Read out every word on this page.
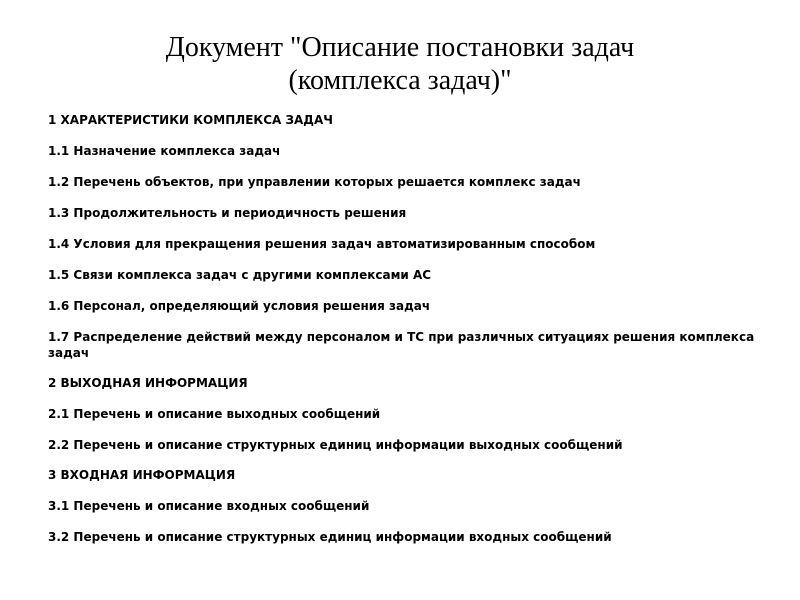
Документ "Описание постановки задач
(комплекса задач)"
1 ХАРАКТЕРИСТИКИ КОМПЛЕКСА ЗАДАЧ
1.1 Назначение комплекса задач
1.2 Перечень объектов, при управлении которых решается комплекс задач
1.3 Продолжительность и периодичность решения
1.4 Условия для прекращения решения задач автоматизированным способом
1.5 Связи комплекса задач с другими комплексами АС
1.6 Персонал, определяющий условия решения задач
1.7 Распределение действий между персоналом и ТС при различных ситуациях решения комплекса задач
2 ВЫХОДНАЯ ИНФОРМАЦИЯ
2.1 Перечень и описание выходных сообщений
2.2 Перечень и описание структурных единиц информации выходных сообщений
3 ВХОДНАЯ ИНФОРМАЦИЯ
3.1 Перечень и описание входных сообщений
3.2 Перечень и описание структурных единиц информации входных сообщений
